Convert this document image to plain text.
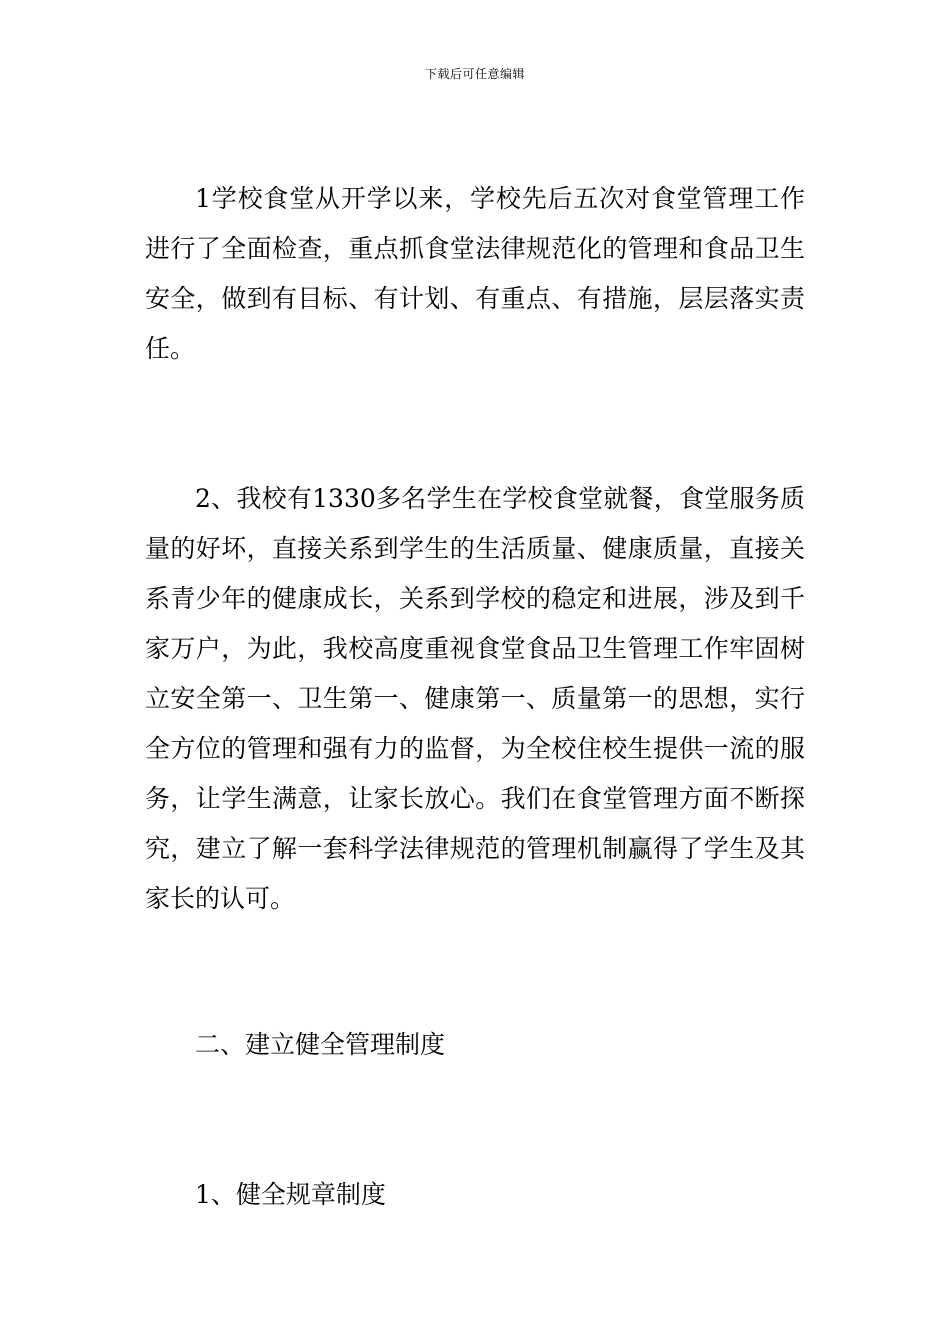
下载后可任意编辑

1学校食堂从开学以来，学校先后五次对食堂管理工作进行了全面检查，重点抓食堂法律规范化的管理和食品卫生安全，做到有目标、有计划、有重点、有措施，层层落实责任。

2、我校有1330多名学生在学校食堂就餐，食堂服务质量的好坏，直接关系到学生的生活质量、健康质量，直接关系青少年的健康成长，关系到学校的稳定和进展，涉及到千家万户，为此，我校高度重视食堂食品卫生管理工作牢固树立安全第一、卫生第一、健康第一、质量第一的思想，实行全方位的管理和强有力的监督，为全校住校生提供一流的服务，让学生满意，让家长放心。我们在食堂管理方面不断探究，建立了解一套科学法律规范的管理机制赢得了学生及其家长的认可。

二、建立健全管理制度
1、健全规章制度
